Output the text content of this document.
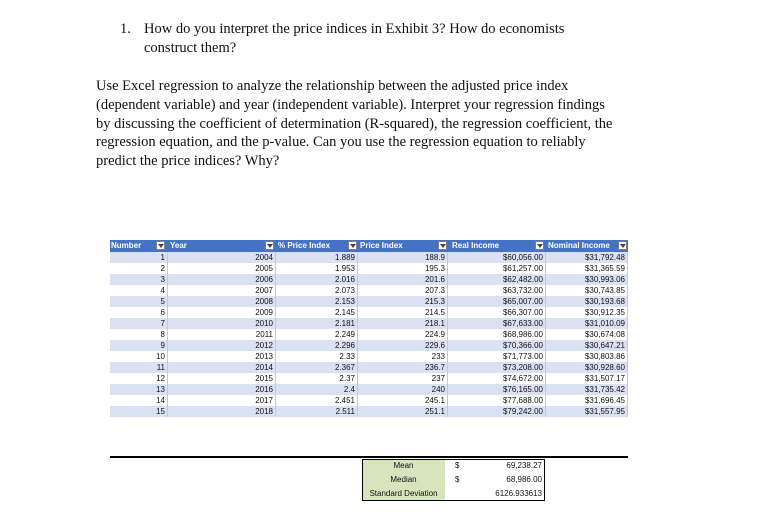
1. How do you interpret the price indices in Exhibit 3? How do economists
construct them?
Use Excel regression to analyze the relationship between the adjusted price index
(dependent variable) and year (independent variable). Interpret your regression findings
by discussing the coefficient of determination (R-squared), the regression coefficient, the
regression equation, and the p-value. Can you use the regression equation to reliably
predict the price indices? Why?
Number	Year	% Price Index	Price Index	Real Income	Nominal Income
1	2004	1.889	188.9	$60,056.00	$31,792.48
2	2005	1.953	195.3	$61,257.00	$31,365.59
3	2006	2.016	201.6	$62,482.00	$30,993.06
4	2007	2.073	207.3	$63,732.00	$30,743.85
5	2008	2.153	215.3	$65,007.00	$30,193.68
6	2009	2.145	214.5	$66,307.00	$30,912.35
7	2010	2.181	218.1	$67,633.00	$31,010.09
8	2011	2.249	224.9	$68,986.00	$30,674.08
9	2012	2.296	229.6	$70,366.00	$30,647.21
10	2013	2.33	233	$71,773.00	$30,803.86
11	2014	2.367	236.7	$73,208.00	$30,928.60
12	2015	2.37	237	$74,672.00	$31,507.17
13	2016	2.4	240	$76,165.00	$31,735.42
14	2017	2.451	245.1	$77,688.00	$31,696.45
15	2018	2.511	251.1	$79,242.00	$31,557.95
Mean	$	69,238.27
Median	$	68,986.00
Standard Deviation	6126.933613
